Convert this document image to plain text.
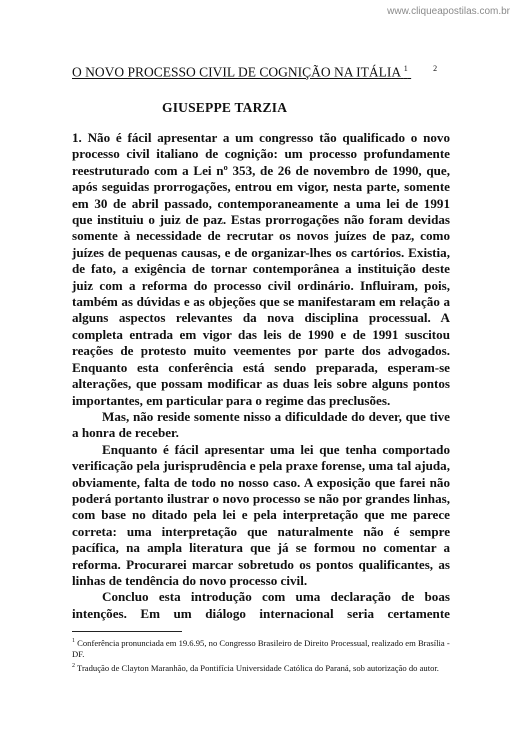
www.cliqueapostilas.com.br
O NOVO PROCESSO CIVIL DE COGNIÇÃO NA ITÁLIA $^1$	$^2$
GIUSEPPE TARZIA

1. Não é fácil apresentar a um congresso tão qualificado o novo processo civil italiano de cognição: um processo profundamente reestruturado com a Lei nº 353, de 26 de novembro de 1990, que, após seguidas prorrogações, entrou em vigor, nesta parte, somente em 30 de abril passado, contemporaneamente a uma lei de 1991 que instituiu o juiz de paz. Estas prorrogações não foram devidas somente à necessidade de recrutar os novos juízes de paz, como juízes de pequenas causas, e de organizar-lhes os cartórios. Existia, de fato, a exigência de tornar contemporânea a instituição deste juiz com a reforma do processo civil ordinário. Influiram, pois, também as dúvidas e as objeções que se manifestaram em relação a alguns aspectos relevantes da nova disciplina processual. A completa entrada em vigor das leis de 1990 e de 1991 suscitou reações de protesto muito veementes por parte dos advogados. Enquanto esta conferência está sendo preparada, esperam-se alterações, que possam modificar as duas leis sobre alguns pontos importantes, em particular para o regime das preclusões.

Mas, não reside somente nisso a dificuldade do dever, que tive a honra de receber.

Enquanto é fácil apresentar uma lei que tenha comportado verificação pela jurisprudência e pela praxe forense, uma tal ajuda, obviamente, falta de todo no nosso caso. A exposição que farei não poderá portanto ilustrar o novo processo se não por grandes linhas, com base no ditado pela lei e pela interpretação que me parece correta: uma interpretação que naturalmente não é sempre pacífica, na ampla literatura que já se formou no comentar a reforma. Procurarei marcar sobretudo os pontos qualificantes, as linhas de tendência do novo processo civil.

Concluo esta introdução com uma declaração de boas intenções. Em um diálogo internacional seria certamente

$^1$ Conferência pronunciada em 19.6.95, no Congresso Brasileiro de Direito Processual, realizado em Brasília - DF.

$^2$ Tradução de Clayton Maranhão, da Pontifícia Universidade Católica do Paraná, sob autorização do autor.
